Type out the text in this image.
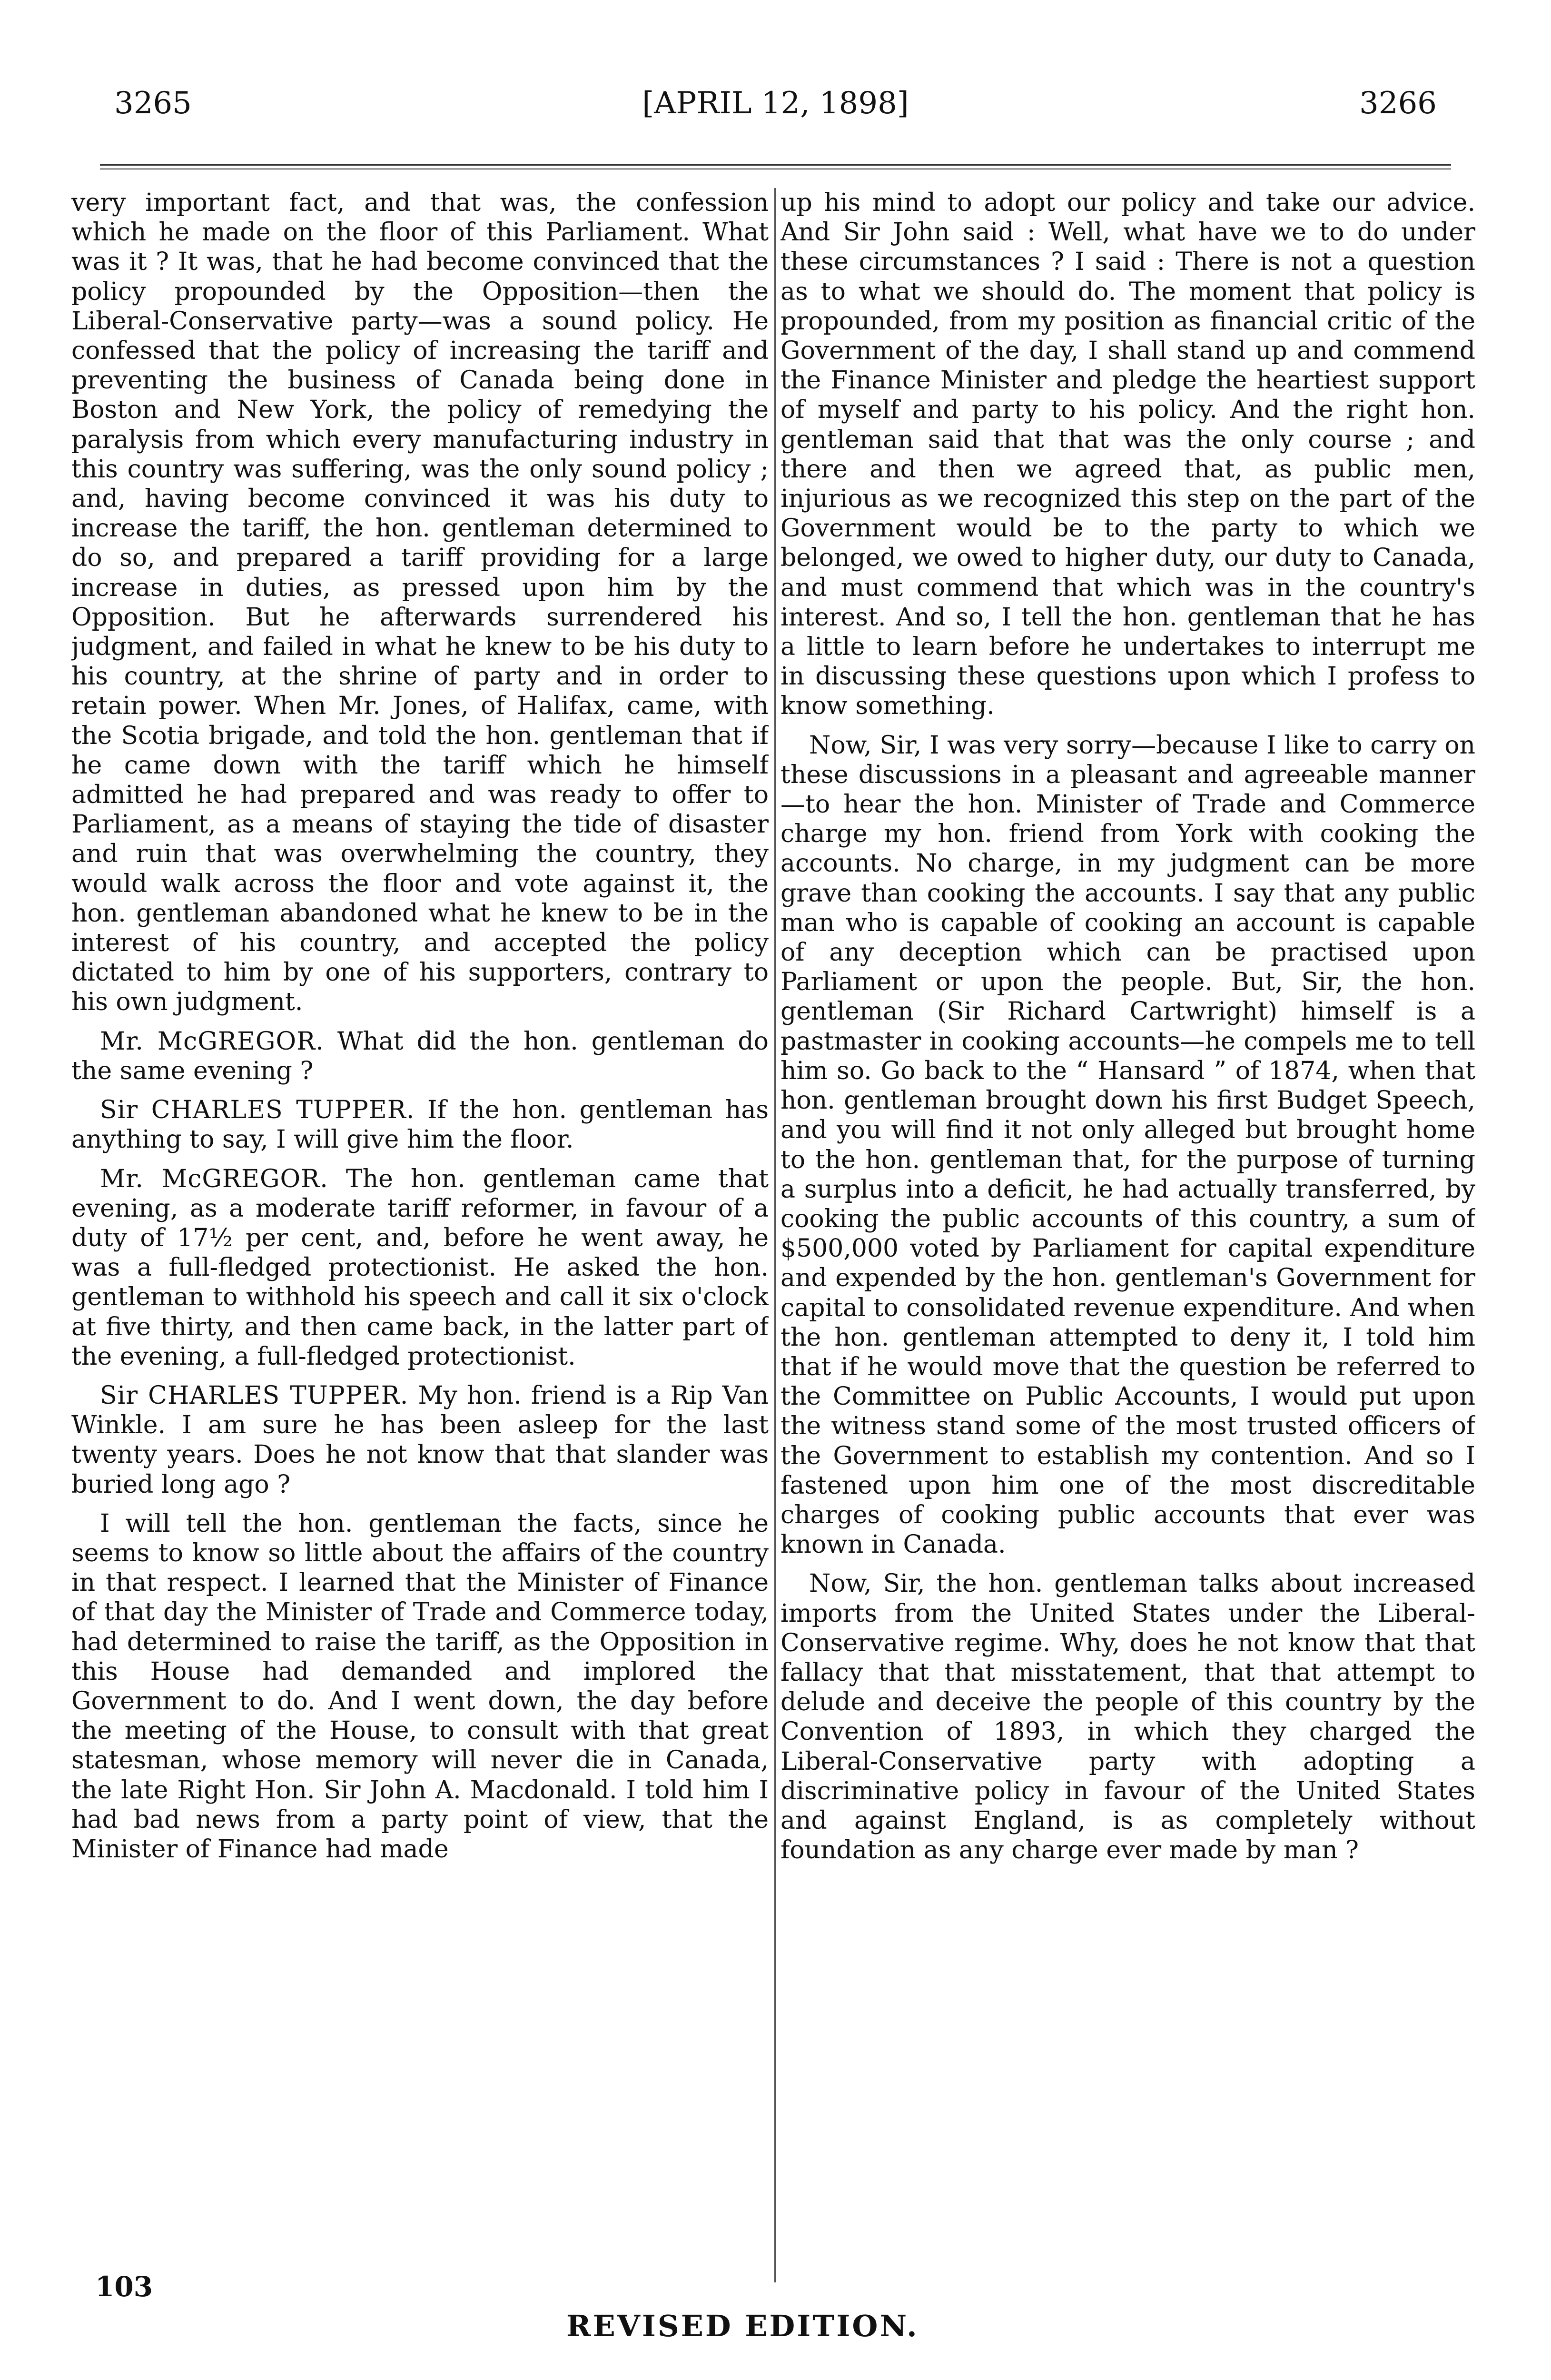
3265	[APRIL 12, 1898]	3266

very important fact, and that was, the confession which he made on the floor of this Parliament. What was it ? It was, that he had become convinced that the policy propounded by the Opposition—then the Liberal-Conservative party—was a sound policy. He confessed that the policy of increasing the tariff and preventing the business of Canada being done in Boston and New York, the policy of remedying the paralysis from which every manufacturing industry in this country was suffering, was the only sound policy ; and, having become convinced it was his duty to increase the tariff, the hon. gentleman determined to do so, and prepared a tariff providing for a large increase in duties, as pressed upon him by the Opposition. But he afterwards surrendered his judgment, and failed in what he knew to be his duty to his country, at the shrine of party and in order to retain power. When Mr. Jones, of Halifax, came, with the Scotia brigade, and told the hon. gentleman that if he came down with the tariff which he himself admitted he had prepared and was ready to offer to Parliament, as a means of staying the tide of disaster and ruin that was overwhelming the country, they would walk across the floor and vote against it, the hon. gentleman abandoned what he knew to be in the interest of his country, and accepted the policy dictated to him by one of his supporters, contrary to his own judgment.

Mr. McGREGOR. What did the hon. gentleman do the same evening ?

Sir CHARLES TUPPER. If the hon. gentleman has anything to say, I will give him the floor.

Mr. McGREGOR. The hon. gentleman came that evening, as a moderate tariff reformer, in favour of a duty of 17½ per cent, and, before he went away, he was a full-fledged protectionist. He asked the hon. gentleman to withhold his speech and call it six o'clock at five thirty, and then came back, in the latter part of the evening, a full-fledged protectionist.

Sir CHARLES TUPPER. My hon. friend is a Rip Van Winkle. I am sure he has been asleep for the last twenty years. Does he not know that that slander was buried long ago ?

I will tell the hon. gentleman the facts, since he seems to know so little about the affairs of the country in that respect. I learned that the Minister of Finance of that day the Minister of Trade and Commerce today, had determined to raise the tariff, as the Opposition in this House had demanded and implored the Government to do. And I went down, the day before the meeting of the House, to consult with that great statesman, whose memory will never die in Canada, the late Right Hon. Sir John A. Macdonald. I told him I had bad news from a party point of view, that the Minister of Finance had made

up his mind to adopt our policy and take our advice. And Sir John said : Well, what have we to do under these circumstances ? I said : There is not a question as to what we should do. The moment that policy is propounded, from my position as financial critic of the Government of the day, I shall stand up and commend the Finance Minister and pledge the heartiest support of myself and party to his policy. And the right hon. gentleman said that that was the only course ; and there and then we agreed that, as public men, injurious as we recognized this step on the part of the Government would be to the party to which we belonged, we owed to higher duty, our duty to Canada, and must commend that which was in the country's interest. And so, I tell the hon. gentleman that he has a little to learn before he undertakes to interrupt me in discussing these questions upon which I profess to know something.

Now, Sir, I was very sorry—because I like to carry on these discussions in a pleasant and agreeable manner—to hear the hon. Minister of Trade and Commerce charge my hon. friend from York with cooking the accounts. No charge, in my judgment can be more grave than cooking the accounts. I say that any public man who is capable of cooking an account is capable of any deception which can be practised upon Parliament or upon the people. But, Sir, the hon. gentleman (Sir Richard Cartwright) himself is a pastmaster in cooking accounts—he compels me to tell him so. Go back to the “ Hansard ” of 1874, when that hon. gentleman brought down his first Budget Speech, and you will find it not only alleged but brought home to the hon. gentleman that, for the purpose of turning a surplus into a deficit, he had actually transferred, by cooking the public accounts of this country, a sum of $500,000 voted by Parliament for capital expenditure and expended by the hon. gentleman's Government for capital to consolidated revenue expenditure. And when the hon. gentleman attempted to deny it, I told him that if he would move that the question be referred to the Committee on Public Accounts, I would put upon the witness stand some of the most trusted officers of the Government to establish my contention. And so I fastened upon him one of the most discreditable charges of cooking public accounts that ever was known in Canada.

Now, Sir, the hon. gentleman talks about increased imports from the United States under the Liberal-Conservative regime. Why, does he not know that that fallacy that that misstatement, that that attempt to delude and deceive the people of this country by the Convention of 1893, in which they charged the Liberal-Conservative party with adopting a discriminative policy in favour of the United States and against England, is as completely without foundation as any charge ever made by man ?

103
REVISED EDITION.
